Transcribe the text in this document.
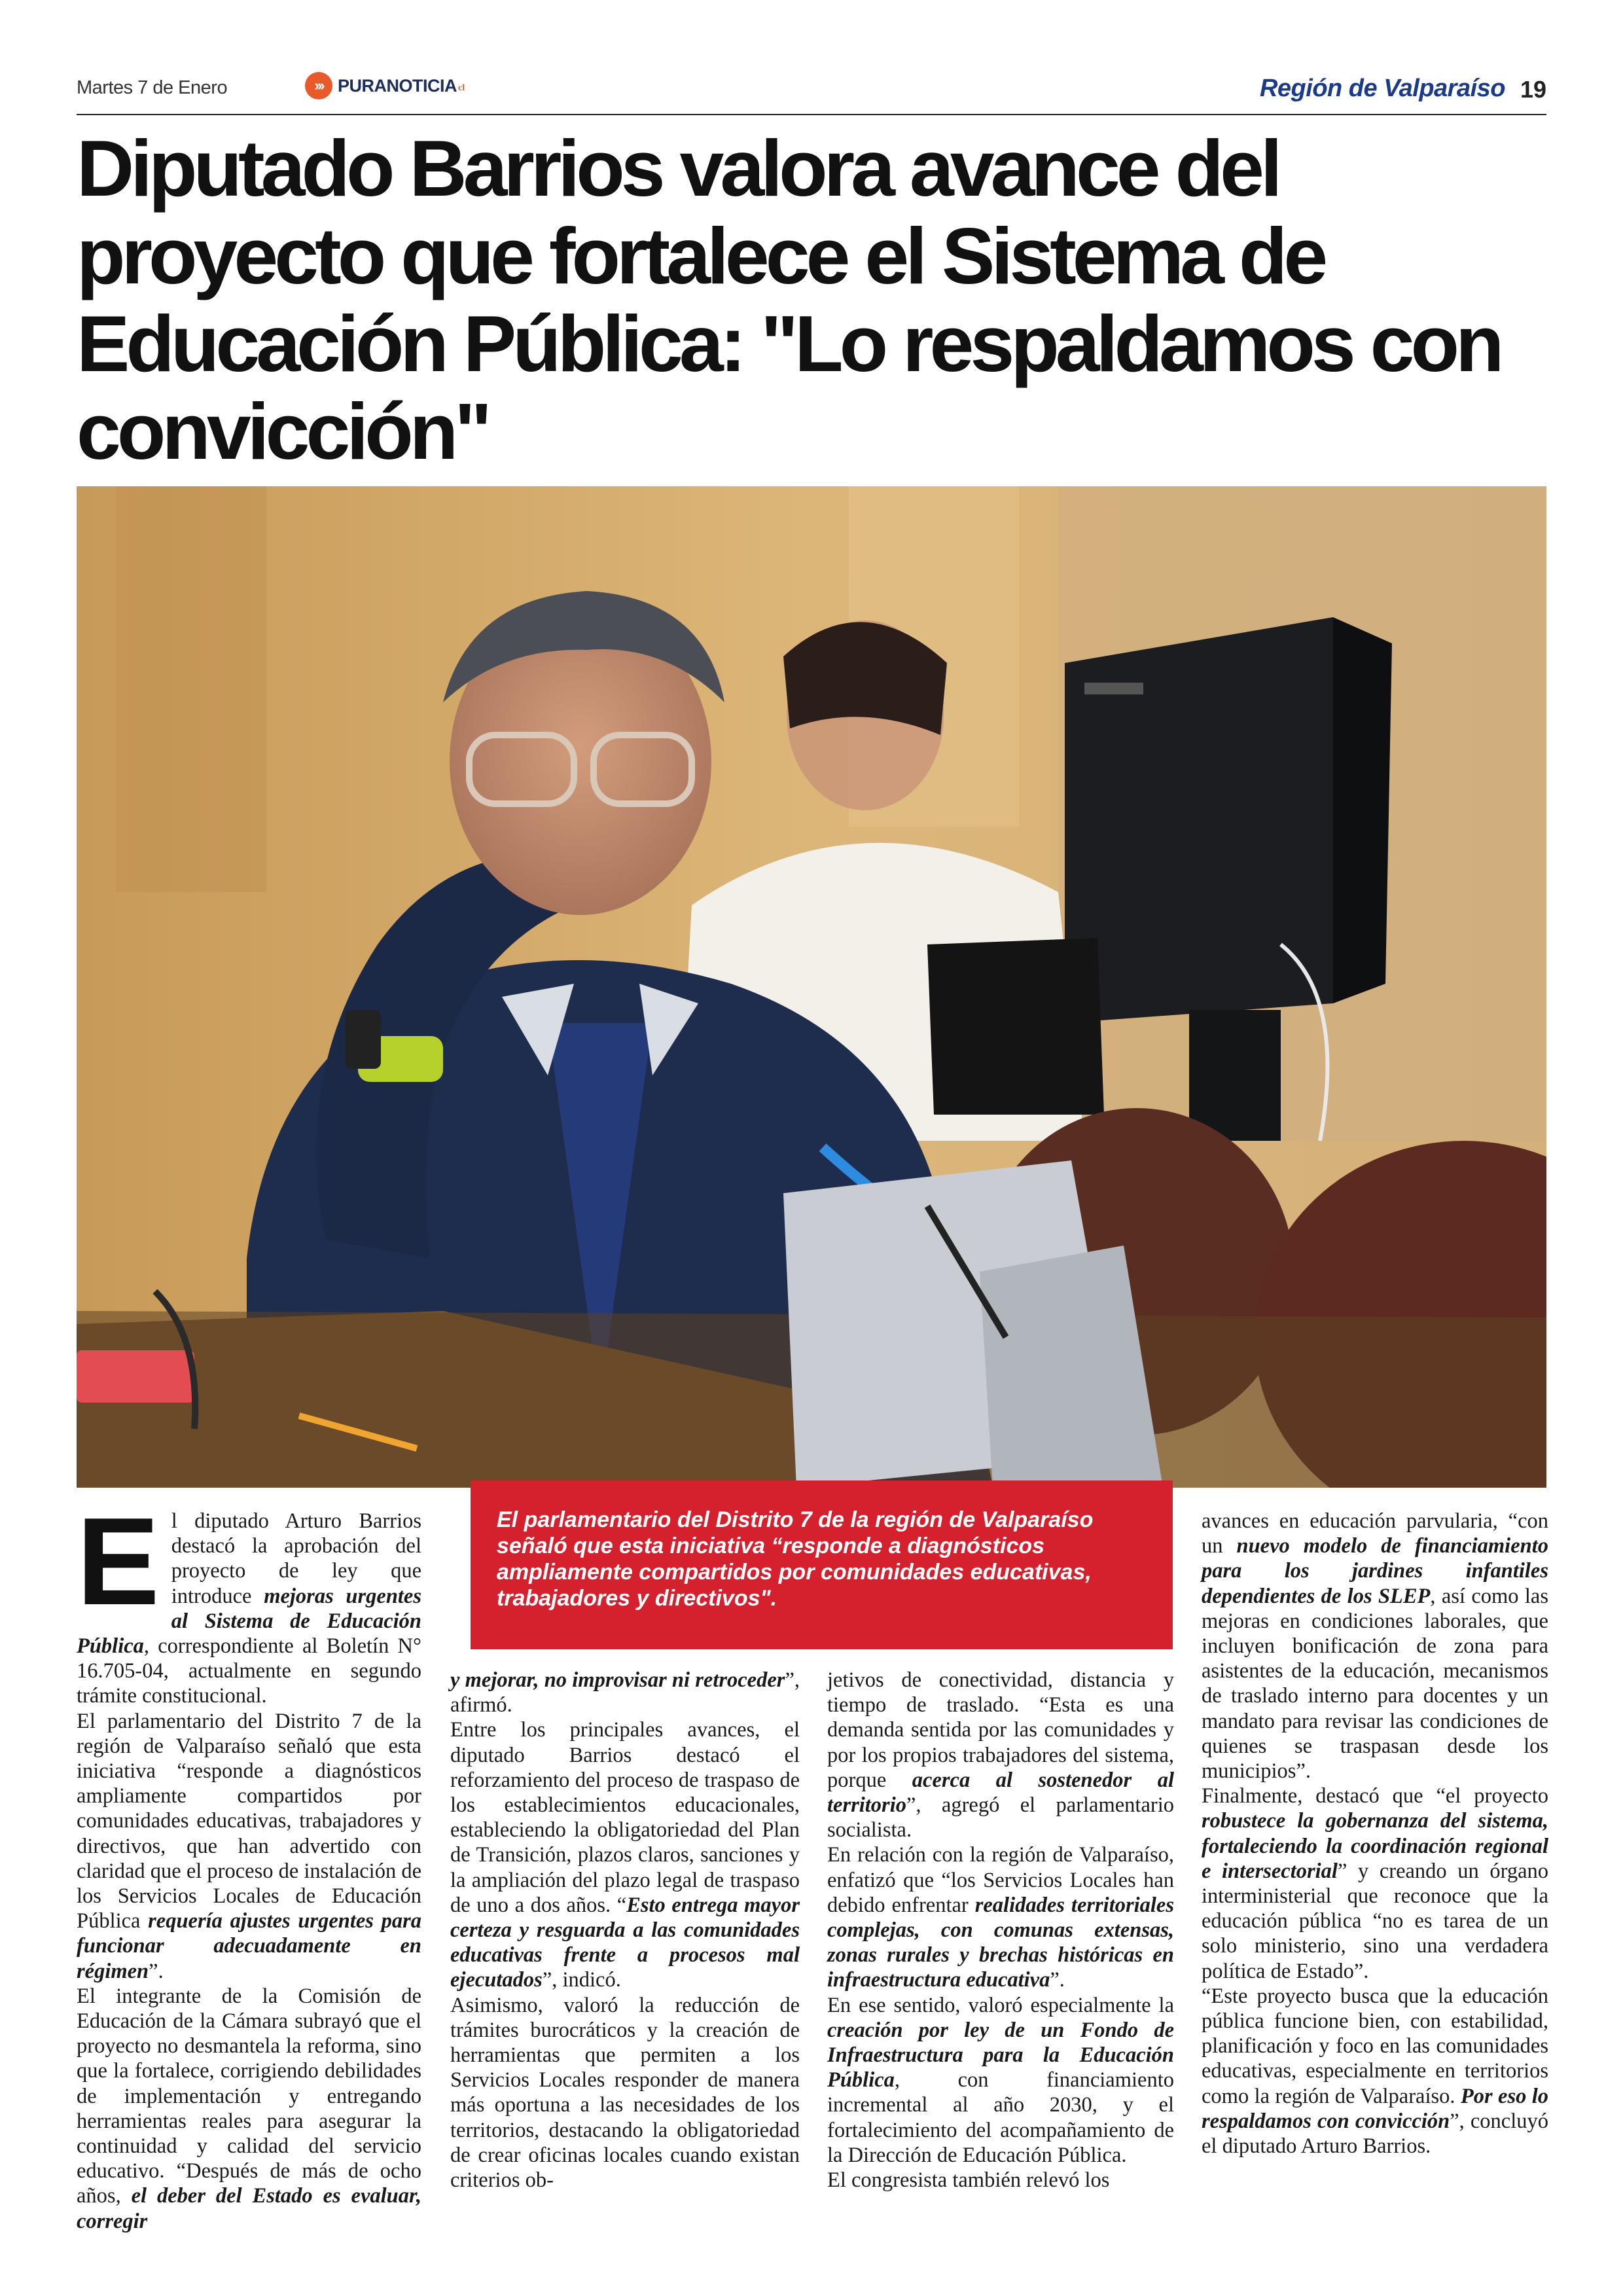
Martes 7 de Enero	››› PURANOTICIA cl	Región de Valparaíso 19
Diputado Barrios valora avance del proyecto que fortalece el Sistema de Educación Pública: "Lo respaldamos con convicción"

El diputado Arturo Barrios destacó la aprobación del proyecto de ley que introduce mejoras urgentes al Sistema de Educación Pública, correspondiente al Boletín N° 16.705-04, actualmente en segundo trámite constitucional.

El parlamentario del Distrito 7 de la región de Valparaíso señaló que esta iniciativa “responde a diagnósticos ampliamente compartidos por comunidades educativas, trabajadores y directivos, que han advertido con claridad que el proceso de instalación de los Servicios Locales de Educación Pública requería ajustes urgentes para funcionar adecuadamente en régimen”.

El integrante de la Comisión de Educación de la Cámara subrayó que el proyecto no desmantela la reforma, sino que la fortalece, corrigiendo debilidades de implementación y entregando herramientas reales para asegurar la continuidad y calidad del servicio educativo. “Después de más de ocho años, el deber del Estado es evaluar, corregir

El parlamentario del Distrito 7 de la región de Valparaíso señaló que esta iniciativa “responde a diagnósticos ampliamente compartidos por comunidades educativas, trabajadores y directivos".

y mejorar, no improvisar ni retroceder”, afirmó.

Entre los principales avances, el diputado Barrios destacó el reforzamiento del proceso de traspaso de los establecimientos educacionales, estableciendo la obligatoriedad del Plan de Transición, plazos claros, sanciones y la ampliación del plazo legal de traspaso de uno a dos años. “Esto entrega mayor certeza y resguarda a las comunidades educativas frente a procesos mal ejecutados”, indicó.

Asimismo, valoró la reducción de trámites burocráticos y la creación de herramientas que permiten a los Servicios Locales responder de manera más oportuna a las necesidades de los territorios, destacando la obligatoriedad de crear oficinas locales cuando existan criterios ob-

jetivos de conectividad, distancia y tiempo de traslado. “Esta es una demanda sentida por las comunidades y por los propios trabajadores del sistema, porque acerca al sostenedor al territorio”, agregó el parlamentario socialista.

En relación con la región de Valparaíso, enfatizó que “los Servicios Locales han debido enfrentar realidades territoriales complejas, con comunas extensas, zonas rurales y brechas históricas en infraestructura educativa”.

En ese sentido, valoró especialmente la creación por ley de un Fondo de Infraestructura para la Educación Pública, con financiamiento incremental al año 2030, y el fortalecimiento del acompañamiento de la Dirección de Educación Pública.

El congresista también relevó los

avances en educación parvularia, “con un nuevo modelo de financiamiento para los jardines infantiles dependientes de los SLEP, así como las mejoras en condiciones laborales, que incluyen bonificación de zona para asistentes de la educación, mecanismos de traslado interno para docentes y un mandato para revisar las condiciones de quienes se traspasan desde los municipios”.

Finalmente, destacó que “el proyecto robustece la gobernanza del sistema, fortaleciendo la coordinación regional e intersectorial” y creando un órgano interministerial que reconoce que la educación pública “no es tarea de un solo ministerio, sino una verdadera política de Estado”.

“Este proyecto busca que la educación pública funcione bien, con estabilidad, planificación y foco en las comunidades educativas, especialmente en territorios como la región de Valparaíso. Por eso lo respaldamos con convicción”, concluyó el diputado Arturo Barrios.
